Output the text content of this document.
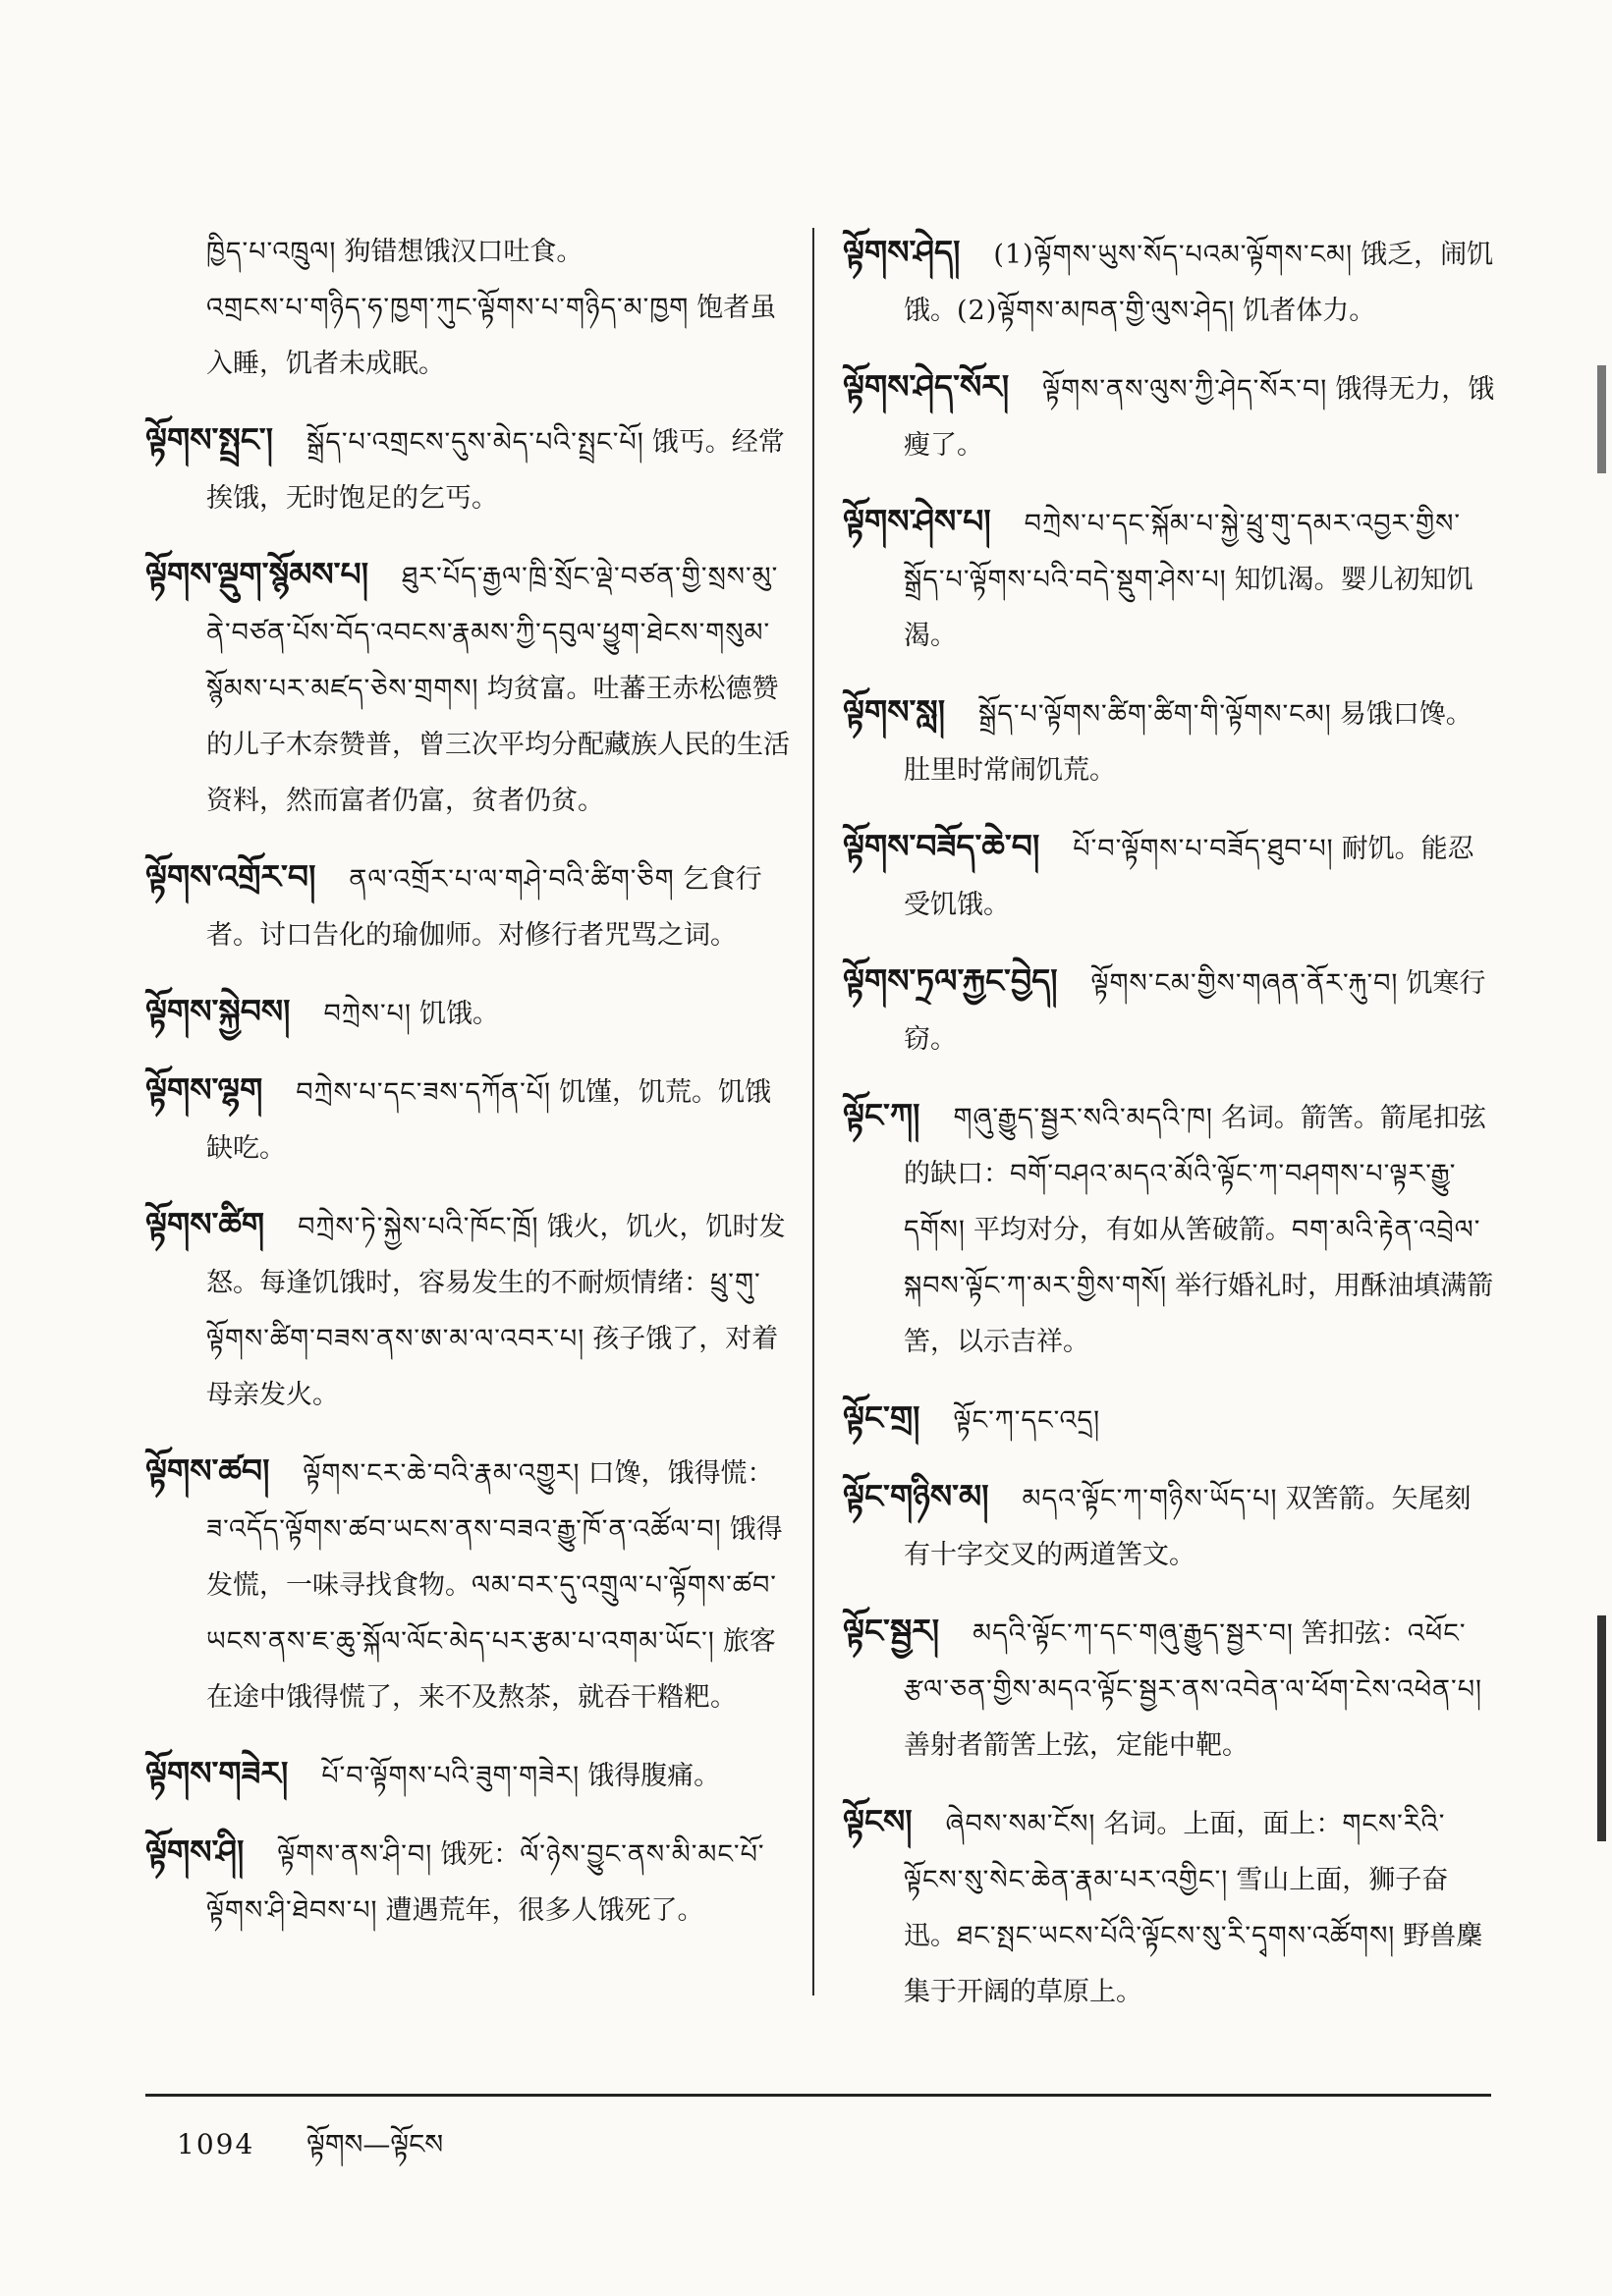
ཁྱིད་པ་འཁྲུལ། 狗错想饿汉口吐食。
འགྲངས་པ་གཉིད་ཧ་ཁྱག་ཀུང་ལྟོགས་པ་གཉིད་མ་ཁྱག 饱者虽入睡，饥者未成眠。

ལྟོགས་སྤྲང་། སྒྲོད་པ་འགྲངས་དུས་མེད་པའི་སྤྲང་པོ། 饿丐。经常挨饿，无时饱足的乞丐。

ལྟོགས་ལྡུག་སྙོམས་པ། ཐུར་པོད་རྒྱལ་ཁྲི་སྲོང་ལྡེ་བཙན་གྱི་སྲས་མུ་ནེ་བཙན་པོས་བོད་འབངས་རྣམས་ཀྱི་དབུལ་ཕྱུག་ཐེངས་གསུམ་སྙོམས་པར་མཛད་ཅེས་གྲགས། 均贫富。吐蕃王赤松德赞的儿子木奈赞普，曾三次平均分配藏族人民的生活资料，然而富者仍富，贫者仍贫。

ལྟོགས་འགྲོར་བ། ནལ་འགྲོར་པ་ལ་གཤེ་བའི་ཚིག་ཅིག 乞食行者。讨口告化的瑜伽师。对修行者咒骂之词。

ལྟོགས་སྐྱེབས། བཀྲེས་པ། 饥饿。

ལྟོགས་ལྷག བཀྲེས་པ་དང་ཟས་དཀོན་པོ། 饥馑，饥荒。饥饿缺吃。

ལྟོགས་ཚིག བཀྲེས་ཏེ་སྐྱེས་པའི་ཁོང་ཁྲོ། 饿火，饥火，饥时发怒。每逢饥饿时，容易发生的不耐烦情绪：ཕྲུ་གུ་ལྟོགས་ཚིག་བཟས་ནས་ཨ་མ་ལ་འབར་པ། 孩子饿了，对着母亲发火。

ལྟོགས་ཚབ། ལྟོགས་ངར་ཆེ་བའི་རྣམ་འགྱུར། 口馋，饿得慌：ཟ་འདོད་ལྟོགས་ཚབ་ཡངས་ནས་བཟའ་རྒྱུ་ཁོ་ན་འཚོལ་བ། 饿得发慌，一味寻找食物。ལམ་བར་དུ་འགྲུལ་པ་ལྟོགས་ཚབ་ཡངས་ནས་ཇ་ཆུ་སྐོལ་ལོང་མེད་པར་རྩམ་པ་འགམ་ཡོང་། 旅客在途中饿得慌了，来不及熬茶，就吞干糌粑。

ལྟོགས་གཟེར། པོ་བ་ལྟོགས་པའི་ཟུག་གཟེར། 饿得腹痛。

ལྟོགས་ཤི། ལྟོགས་ནས་ཤི་བ། 饿死：ལོ་ཉེས་བྱུང་ནས་མི་མང་པོ་ལྟོགས་ཤི་ཐེབས་པ། 遭遇荒年，很多人饿死了。

ལྟོགས་ཤེད། (1)ལྟོགས་ཡུས་སོད་པའམ་ལྟོགས་ངམ། 饿乏，闹饥饿。(2)ལྟོགས་མཁན་གྱི་ལུས་ཤེད། 饥者体力。

ལྟོགས་ཤེད་སོར། ལྟོགས་ནས་ལུས་ཀྱི་ཤེད་སོར་བ། 饿得无力，饿瘦了。

ལྟོགས་ཤེས་པ། བཀྲེས་པ་དང་སྐོམ་པ་སྐྱེ་ཕྲུ་གུ་དམར་འབྱར་གྱིས་སྒྲོད་པ་ལྟོགས་པའི་བདེ་སྡུག་ཤེས་པ། 知饥渴。婴儿初知饥渴。

ལྟོགས་སླ། སྒྲོད་པ་ལྟོགས་ཚིག་ཚིག་གི་ལྟོགས་ངམ། 易饿口馋。肚里时常闹饥荒。

ལྟོགས་བཟོད་ཆེ་བ། པོ་བ་ལྟོགས་པ་བཟོད་ཐུབ་པ། 耐饥。能忍受饥饿。

ལྟོགས་ཏྲལ་རྐྱང་བྱེད། ལྟོགས་ངམ་གྱིས་གཞན་ནོར་རྐུ་བ། 饥寒行窃。

ལྟོང་ཀ། གཞུ་རྒྱུད་སྦྱར་སའི་མདའི་ཁ། 名词。箭筈。箭尾扣弦的缺口：བགོ་བཤའ་མདའ་མོའི་ལྟོང་ཀ་བཤགས་པ་ལྟར་རྒྱུ་དགོས། 平均对分，有如从筈破箭。བག་མའི་རྟེན་འབྲེལ་སྐབས་ལྟོང་ཀ་མར་གྱིས་གསོ། 举行婚礼时，用酥油填满箭筈，以示吉祥。

ལྟོང་གྲ། ལྟོང་ཀ་དང་འདྲ།

ལྟོང་གཉིས་མ། མདའ་ལྟོང་ཀ་གཉིས་ཡོད་པ། 双筈箭。矢尾刻有十字交叉的两道筈文。

ལྟོང་སྦྱར། མདའི་ལྟོང་ཀ་དང་གཞུ་རྒྱུད་སྦྱར་བ། 筈扣弦：འཕོང་རྩལ་ཅན་གྱིས་མདའ་ལྟོང་སྦྱར་ནས་འབེན་ལ་ཕོག་ངེས་འཕེན་པ།善射者箭筈上弦，定能中靶。

ལྟོངས། ཞེབས་སམ་ངོས། 名词。上面，面上：གངས་རིའི་ལྟོངས་སུ་སེང་ཆེན་རྣམ་པར་འགྱིང་། 雪山上面，狮子奋迅。ཐང་སྤང་ཡངས་པོའི་ལྟོངས་སུ་རི་དྭགས་འཚོགས། 野兽麇集于开阔的草原上。

1094 ལྟོགས—ལྟོངས
